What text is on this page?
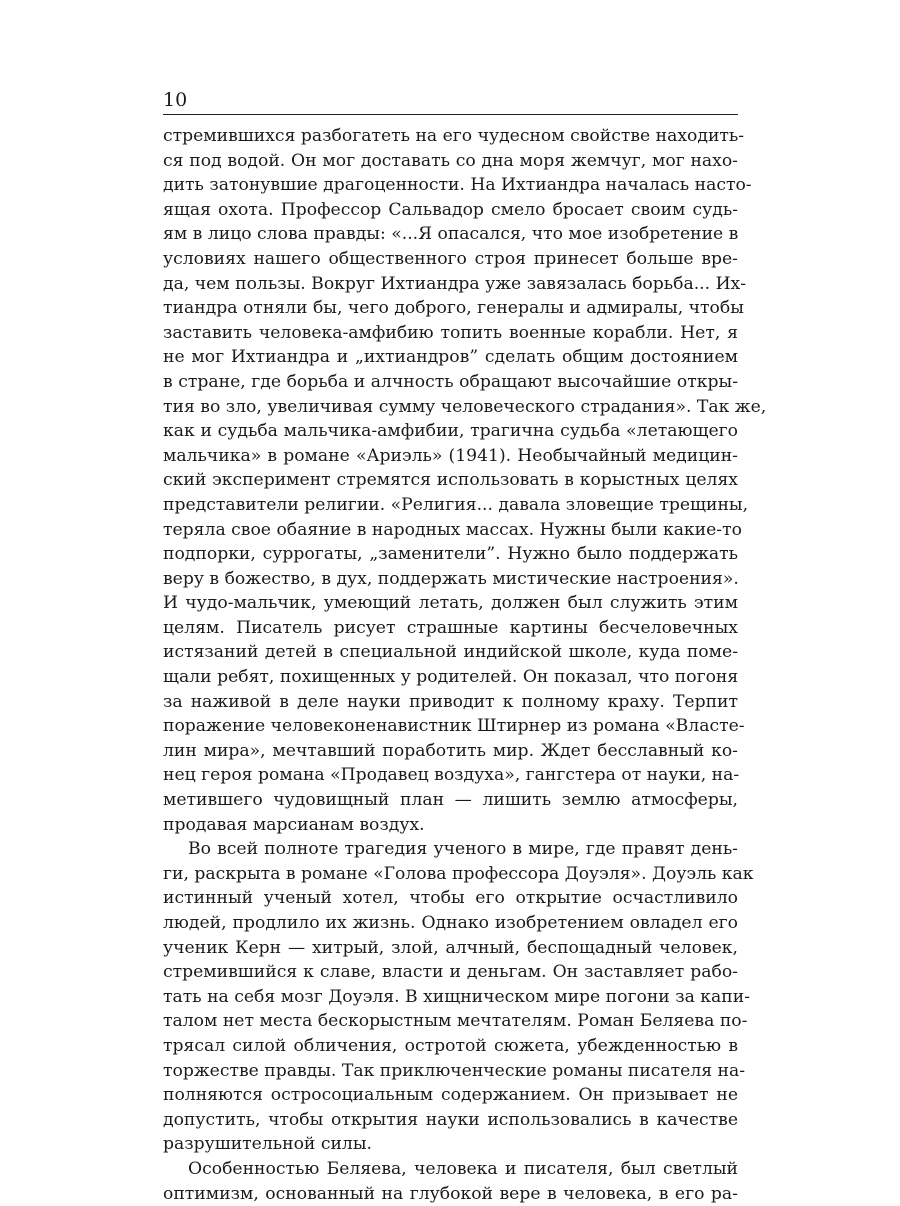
10
стремившихся разбогатеть на его чудесном свойстве находить-
ся под водой. Он мог доставать со дна моря жемчуг, мог нахо-
дить затонувшие драгоценности. На Ихтиандра началась насто-
ящая охота. Профессор Сальвадор смело бросает своим судь-
ям в лицо слова правды: «...Я опасался, что мое изобретение в
условиях нашего общественного строя принесет больше вре-
да, чем пользы. Вокруг Ихтиандра уже завязалась борьба... Их-
тиандра отняли бы, чего доброго, генералы и адмиралы, чтобы
заставить человека-амфибию топить военные корабли. Нет, я
не мог Ихтиандра и „ихтиандров” сделать общим достоянием
в стране, где борьба и алчность обращают высочайшие откры-
тия во зло, увеличивая сумму человеческого страдания». Так же,
как и судьба мальчика-амфибии, трагична судьба «летающего
мальчика» в романе «Ариэль» (1941). Необычайный медицин-
ский эксперимент стремятся использовать в корыстных целях
представители религии. «Религия... давала зловещие трещины,
теряла свое обаяние в народных массах. Нужны были какие-то
подпорки, суррогаты, „заменители”. Нужно было поддержать
веру в божество, в дух, поддержать мистические настроения».
И чудо-мальчик, умеющий летать, должен был служить этим
целям. Писатель рисует страшные картины бесчеловечных
истязаний детей в специальной индийской школе, куда поме-
щали ребят, похищенных у родителей. Он показал, что погоня
за наживой в деле науки приводит к полному краху. Терпит
поражение человеконенавистник Штирнер из романа «Властe-
лин мира», мечтавший поработить мир. Ждет бесславный ко-
нец героя романа «Продавец воздуха», гангстера от науки, на-
метившего чудовищный план — лишить землю атмосферы,
продавая марсианам воздух.
Во всей полноте трагедия ученого в мире, где правят день-
ги, раскрыта в романе «Голова профессора Доуэля». Доуэль как
истинный ученый хотел, чтобы его открытие осчастливило
людей, продлило их жизнь. Однако изобретением овладел его
ученик Керн — хитрый, злой, алчный, беспощадный человек,
стремившийся к славе, власти и деньгам. Он заставляет рабо-
тать на себя мозг Доуэля. В хищническом мире погони за капи-
талом нет места бескорыстным мечтателям. Роман Беляева по-
трясал силой обличения, остротой сюжета, убежденностью в
торжестве правды. Так приключенческие романы писателя на-
полняются остросоциальным содержанием. Он призывает не
допустить, чтобы открытия науки использовались в качестве
разрушительной силы.
Особенностью Беляева, человека и писателя, был светлый
оптимизм, основанный на глубокой вере в человека, в его ра-
